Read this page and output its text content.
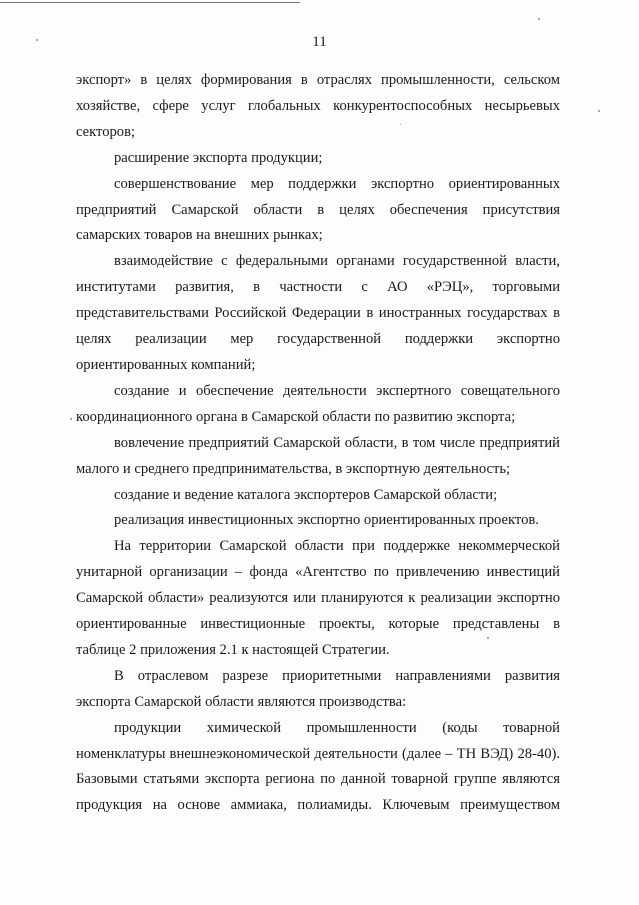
11

экспорт» в целях формирования в отраслях промышленности, сельском хозяйстве, сфере услуг глобальных конкурентоспособных несырьевых секторов;

расширение экспорта продукции;

совершенствование мер поддержки экспортно ориентированных предприятий Самарской области в целях обеспечения присутствия самарских товаров на внешних рынках;

взаимодействие с федеральными органами государственной власти, институтами развития, в частности с АО «РЭЦ», торговыми представительствами Российской Федерации в иностранных государствах в целях реализации мер государственной поддержки экспортно ориентированных компаний;

создание и обеспечение деятельности экспертного совещательного координационного органа в Самарской области по развитию экспорта;

вовлечение предприятий Самарской области, в том числе предприятий малого и среднего предпринимательства, в экспортную деятельность;

создание и ведение каталога экспортеров Самарской области;

реализация инвестиционных экспортно ориентированных проектов.

На территории Самарской области при поддержке некоммерческой унитарной организации – фонда «Агентство по привлечению инвестиций Самарской области» реализуются или планируются к реализации экспортно ориентированные инвестиционные проекты, которые представлены в таблице 2 приложения 2.1 к настоящей Стратегии.

В отраслевом разрезе приоритетными направлениями развития экспорта Самарской области являются производства:

продукции химической промышленности (коды товарной номенклатуры внешнеэкономической деятельности (далее – ТН ВЭД) 28-40). Базовыми статьями экспорта региона по данной товарной группе являются продукция на основе аммиака, полиамиды. Ключевым преимуществом
